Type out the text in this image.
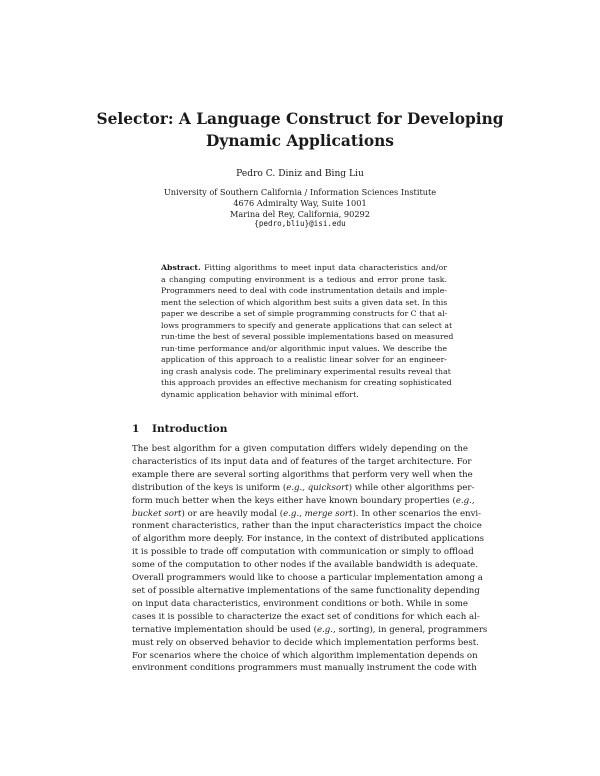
Selector: A Language Construct for Developing
Dynamic Applications

Pedro C. Diniz and Bing Liu

University of Southern California / Information Sciences Institute
4676 Admiralty Way, Suite 1001
Marina del Rey, California, 90292
{pedro,bliu}@isi.edu
Abstract. Fitting algorithms to meet input data characteristics and/or
a changing computing environment is a tedious and error prone task.
Programmers need to deal with code instrumentation details and imple-
ment the selection of which algorithm best suits a given data set. In this
paper we describe a set of simple programming constructs for C that al-
lows programmers to specify and generate applications that can select at
run-time the best of several possible implementations based on measured
run-time performance and/or algorithmic input values. We describe the
application of this approach to a realistic linear solver for an engineer-
ing crash analysis code. The preliminary experimental results reveal that
this approach provides an effective mechanism for creating sophisticated
dynamic application behavior with minimal effort.
1 Introduction
The best algorithm for a given computation differs widely depending on the
characteristics of its input data and of features of the target architecture. For
example there are several sorting algorithms that perform very well when the
distribution of the keys is uniform (e.g., quicksort) while other algorithms per-
form much better when the keys either have known boundary properties (e.g.,
bucket sort) or are heavily modal (e.g., merge sort). In other scenarios the envi-
ronment characteristics, rather than the input characteristics impact the choice
of algorithm more deeply. For instance, in the context of distributed applications
it is possible to trade off computation with communication or simply to offload
some of the computation to other nodes if the available bandwidth is adequate.
Overall programmers would like to choose a particular implementation among a
set of possible alternative implementations of the same functionality depending
on input data characteristics, environment conditions or both. While in some
cases it is possible to characterize the exact set of conditions for which each al-
ternative implementation should be used (e.g., sorting), in general, programmers
must rely on observed behavior to decide which implementation performs best.
For scenarios where the choice of which algorithm implementation depends on
environment conditions programmers must manually instrument the code with
